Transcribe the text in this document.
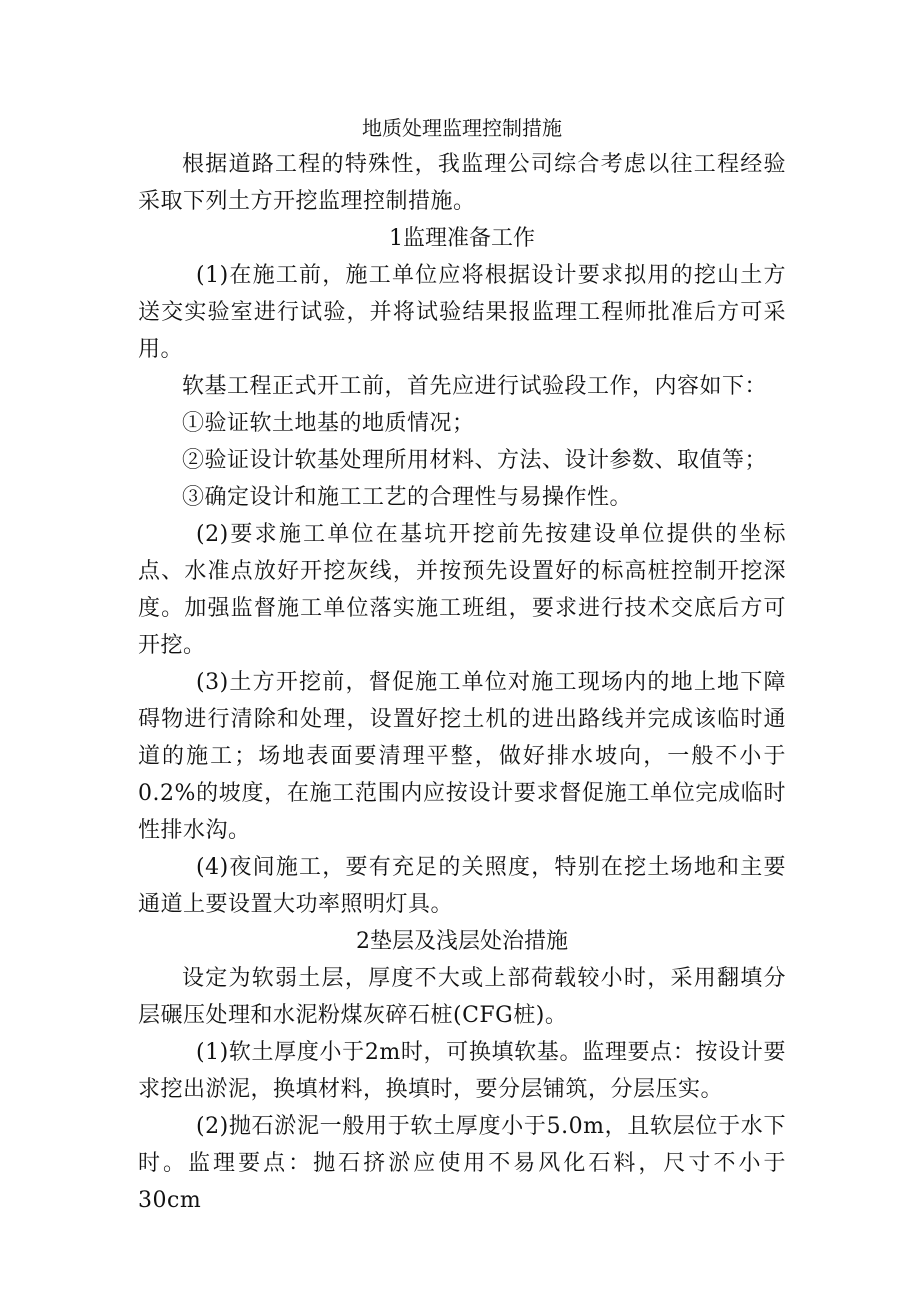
地质处理监理控制措施

根据道路工程的特殊性，我监理公司综合考虑以往工程经验采取下列土方开挖监理控制措施。

1监理准备工作

(1)在施工前，施工单位应将根据设计要求拟用的挖山土方送交实验室进行试验，并将试验结果报监理工程师批准后方可采用。

软基工程正式开工前，首先应进行试验段工作，内容如下：

①验证软土地基的地质情况；

②验证设计软基处理所用材料、方法、设计参数、取值等；

③确定设计和施工工艺的合理性与易操作性。

(2)要求施工单位在基坑开挖前先按建设单位提供的坐标点、水准点放好开挖灰线，并按预先设置好的标高桩控制开挖深度。加强监督施工单位落实施工班组，要求进行技术交底后方可开挖。

(3)土方开挖前，督促施工单位对施工现场内的地上地下障碍物进行清除和处理，设置好挖土机的进出路线并完成该临时通道的施工；场地表面要清理平整，做好排水坡向，一般不小于0.2%的坡度，在施工范围内应按设计要求督促施工单位完成临时性排水沟。

(4)夜间施工，要有充足的关照度，特别在挖土场地和主要通道上要设置大功率照明灯具。

2垫层及浅层处治措施

设定为软弱土层，厚度不大或上部荷载较小时，采用翻填分层碾压处理和水泥粉煤灰碎石桩(CFG桩)。

(1)软土厚度小于2m时，可换填软基。监理要点：按设计要求挖出淤泥，换填材料，换填时，要分层铺筑，分层压实。

(2)抛石淤泥一般用于软土厚度小于5.0m，且软层位于水下时。监理要点：抛石挤淤应使用不易风化石料，尺寸不小于30cm
